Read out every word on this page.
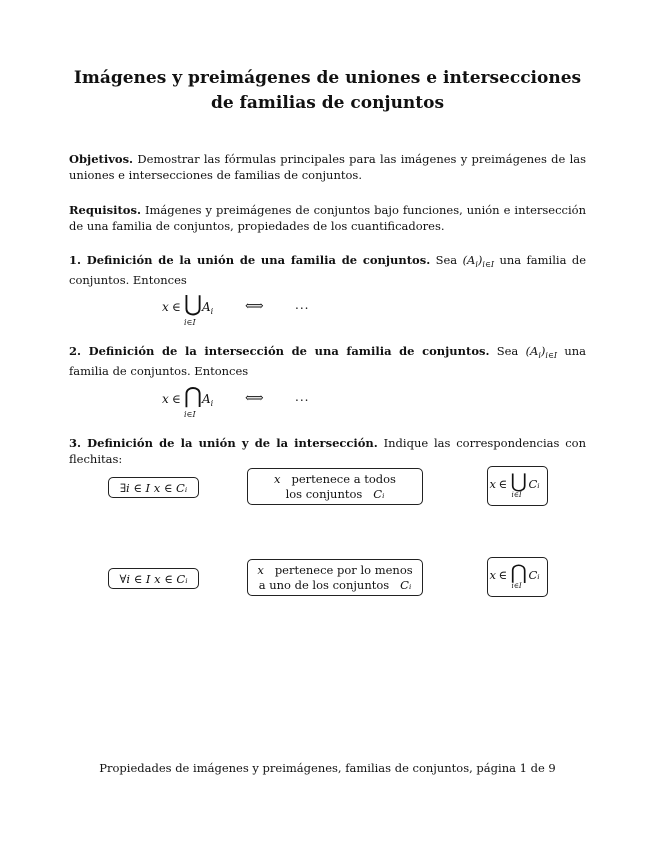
Imágenes y preimágenes de uniones e intersecciones
de familias de conjuntos
Objetivos. Demostrar las fórmulas principales para las imágenes y preimágenes de las uniones e intersecciones de familias de conjuntos.
Requisitos. Imágenes y preimágenes de conjuntos bajo funciones, unión e intersección de una familia de conjuntos, propiedades de los cuantificadores.
1. Definición de la unión de una familia de conjuntos. Sea $(A_i)_{i\in I}$ una familia de conjuntos. Entonces
x ∈ ⋃
i∈I
$A_i$ ⟺	...
2. Definición de la intersección de una familia de conjuntos. Sea $(A_i)_{i\in I}$ una familia de conjuntos. Entonces
x ∈ ⋂
i∈I
$A_i$ ⟺	...
3. Definición de la unión y de la intersección. Indique las correspondencias con flechitas:
∃i ∈ I x ∈ Cᵢ
x pertenece a todos
los conjuntos Cᵢ
x ∈ ⋃
i∈I
Cᵢ
∀i ∈ I x ∈ Cᵢ
x pertenece por lo menos
a uno de los conjuntos Cᵢ
x ∈ ⋂
i∈I
Cᵢ
Propiedades de imágenes y preimágenes, familias de conjuntos, página 1 de 9
